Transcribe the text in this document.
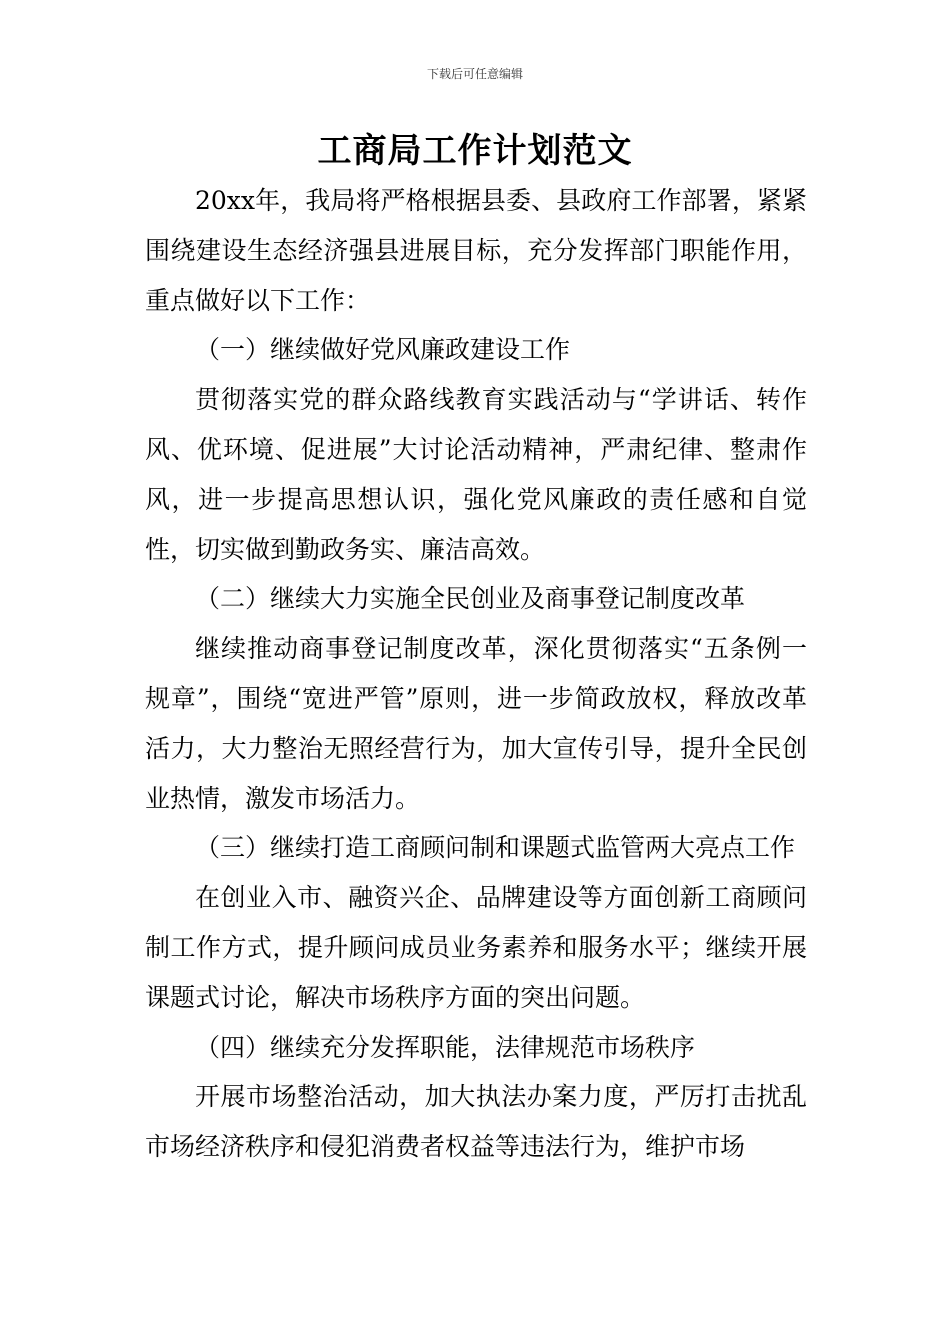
下载后可任意编辑
工商局工作计划范文

20xx年，我局将严格根据县委、县政府工作部署，紧紧围绕建设生态经济强县进展目标，充分发挥部门职能作用，重点做好以下工作：

（一）继续做好党风廉政建设工作

贯彻落实党的群众路线教育实践活动与“学讲话、转作风、优环境、促进展”大讨论活动精神，严肃纪律、整肃作风，进一步提高思想认识，强化党风廉政的责任感和自觉性，切实做到勤政务实、廉洁高效。

（二）继续大力实施全民创业及商事登记制度改革

继续推动商事登记制度改革，深化贯彻落实“五条例一规章”，围绕“宽进严管”原则，进一步简政放权，释放改革活力，大力整治无照经营行为，加大宣传引导，提升全民创业热情，激发市场活力。

（三）继续打造工商顾问制和课题式监管两大亮点工作

在创业入市、融资兴企、品牌建设等方面创新工商顾问制工作方式，提升顾问成员业务素养和服务水平；继续开展课题式讨论，解决市场秩序方面的突出问题。

（四）继续充分发挥职能，法律规范市场秩序

开展市场整治活动，加大执法办案力度，严厉打击扰乱市场经济秩序和侵犯消费者权益等违法行为，维护市场
